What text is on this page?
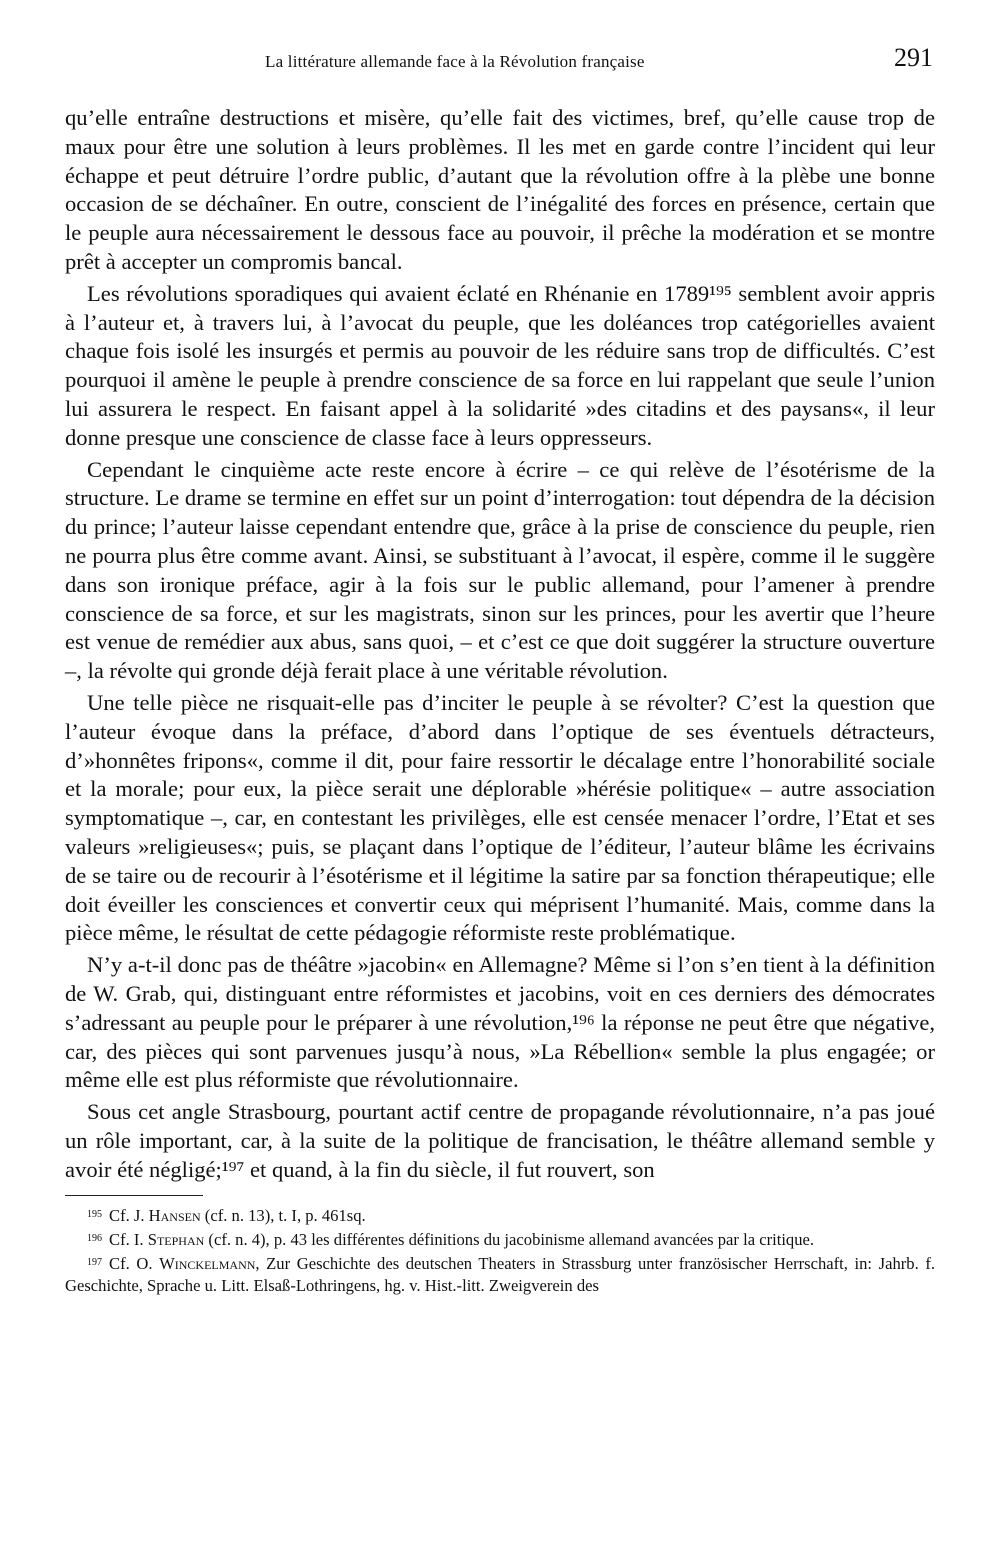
La littérature allemande face à la Révolution française	291

qu’elle entraîne destructions et misère, qu’elle fait des victimes, bref, qu’elle cause trop de maux pour être une solution à leurs problèmes. Il les met en garde contre l’incident qui leur échappe et peut détruire l’ordre public, d’autant que la révolution offre à la plèbe une bonne occasion de se déchaîner. En outre, conscient de l’inégalité des forces en présence, certain que le peuple aura nécessairement le dessous face au pouvoir, il prêche la modération et se montre prêt à accepter un compromis bancal.

Les révolutions sporadiques qui avaient éclaté en Rhénanie en 1789¹⁹⁵ semblent avoir appris à l’auteur et, à travers lui, à l’avocat du peuple, que les doléances trop catégorielles avaient chaque fois isolé les insurgés et permis au pouvoir de les réduire sans trop de difficultés. C’est pourquoi il amène le peuple à prendre conscience de sa force en lui rappelant que seule l’union lui assurera le respect. En faisant appel à la solidarité »des citadins et des paysans«, il leur donne presque une conscience de classe face à leurs oppresseurs.

Cependant le cinquième acte reste encore à écrire – ce qui relève de l’ésotérisme de la structure. Le drame se termine en effet sur un point d’interrogation: tout dépendra de la décision du prince; l’auteur laisse cependant entendre que, grâce à la prise de conscience du peuple, rien ne pourra plus être comme avant. Ainsi, se substituant à l’avocat, il espère, comme il le suggère dans son ironique préface, agir à la fois sur le public allemand, pour l’amener à prendre conscience de sa force, et sur les magistrats, sinon sur les princes, pour les avertir que l’heure est venue de remédier aux abus, sans quoi, – et c’est ce que doit suggérer la structure ouverture –, la révolte qui gronde déjà ferait place à une véritable révolution.

Une telle pièce ne risquait-elle pas d’inciter le peuple à se révolter? C’est la question que l’auteur évoque dans la préface, d’abord dans l’optique de ses éventuels détracteurs, d’»honnêtes fripons«, comme il dit, pour faire ressortir le décalage entre l’honorabilité sociale et la morale; pour eux, la pièce serait une déplorable »hérésie politique« – autre association symptomatique –, car, en contestant les privilèges, elle est censée menacer l’ordre, l’Etat et ses valeurs »religieuses«; puis, se plaçant dans l’optique de l’éditeur, l’auteur blâme les écrivains de se taire ou de recourir à l’ésotérisme et il légitime la satire par sa fonction thérapeutique; elle doit éveiller les consciences et convertir ceux qui méprisent l’humanité. Mais, comme dans la pièce même, le résultat de cette pédagogie réformiste reste problématique.

N’y a-t-il donc pas de théâtre »jacobin« en Allemagne? Même si l’on s’en tient à la définition de W. Grab, qui, distinguant entre réformistes et jacobins, voit en ces derniers des démocrates s’adressant au peuple pour le préparer à une révolution,¹⁹⁶ la réponse ne peut être que négative, car, des pièces qui sont parvenues jusqu’à nous, »La Rébellion« semble la plus engagée; or même elle est plus réformiste que révolutionnaire.

Sous cet angle Strasbourg, pourtant actif centre de propagande révolutionnaire, n’a pas joué un rôle important, car, à la suite de la politique de francisation, le théâtre allemand semble y avoir été négligé;¹⁹⁷ et quand, à la fin du siècle, il fut rouvert, son

$^{195}$ Cf. J. Hansen (cf. n. 13), t. I, p. 461sq.

$^{196}$ Cf. I. Stephan (cf. n. 4), p. 43 les différentes définitions du jacobinisme allemand avancées par la critique.

$^{197}$ Cf. O. Winckelmann, Zur Geschichte des deutschen Theaters in Strassburg unter französischer Herrschaft, in: Jahrb. f. Geschichte, Sprache u. Litt. Elsaß-Lothringens, hg. v. Hist.-litt. Zweigverein des
